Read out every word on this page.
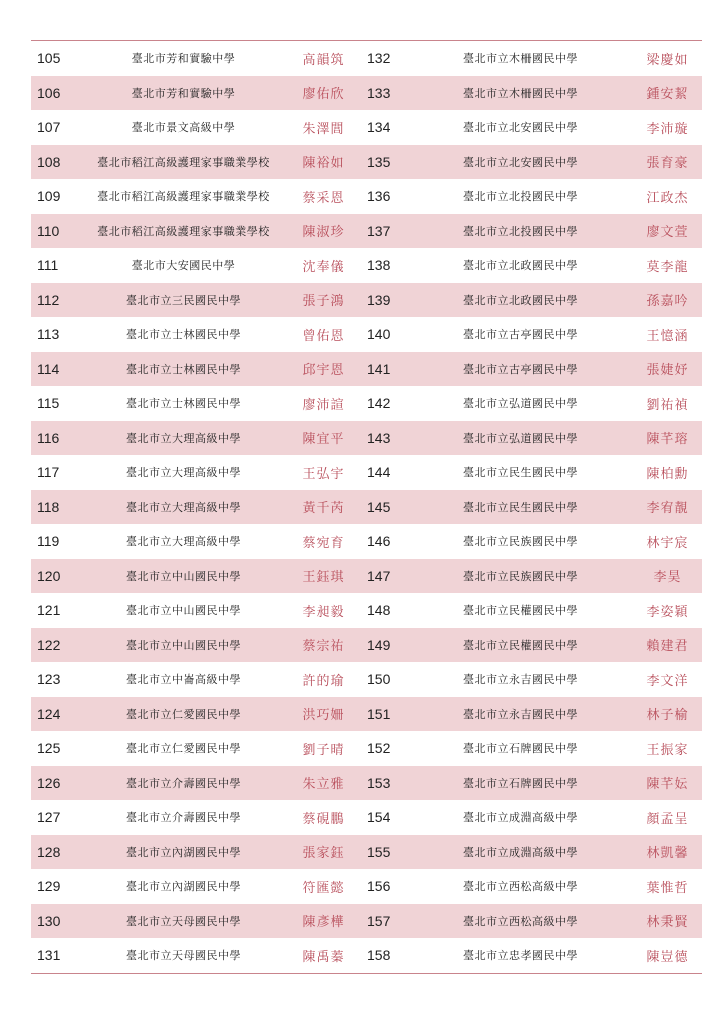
105	臺北市芳和實驗中學	高韻筑	132	臺北市立木柵國民中學	梁慶如
106	臺北市芳和實驗中學	廖佑欣	133	臺北市立木柵國民中學	鍾安絜
107	臺北市景文高級中學	朱澤閭	134	臺北市立北安國民中學	李沛璇
108	臺北市稻江高級護理家事職業學校	陳裕如	135	臺北市立北安國民中學	張育豪
109	臺北市稻江高級護理家事職業學校	蔡采恩	136	臺北市立北投國民中學	江政杰
110	臺北市稻江高級護理家事職業學校	陳淑珍	137	臺北市立北投國民中學	廖文萱
111	臺北市大安國民中學	沈奉儀	138	臺北市立北政國民中學	莫李龍
112	臺北市立三民國民中學	張子鴻	139	臺北市立北政國民中學	孫嘉吟
113	臺北市立士林國民中學	曾佑恩	140	臺北市立古亭國民中學	王憶涵
114	臺北市立士林國民中學	邱宇恩	141	臺北市立古亭國民中學	張婕妤
115	臺北市立士林國民中學	廖沛諠	142	臺北市立弘道國民中學	劉祐禎
116	臺北市立大理高級中學	陳宜平	143	臺北市立弘道國民中學	陳芊瑢
117	臺北市立大理高級中學	王弘宇	144	臺北市立民生國民中學	陳柏勳
118	臺北市立大理高級中學	黃千芮	145	臺北市立民生國民中學	李宥靚
119	臺北市立大理高級中學	蔡宛育	146	臺北市立民族國民中學	林宇宸
120	臺北市立中山國民中學	王鈺琪	147	臺北市立民族國民中學	李昊
121	臺北市立中山國民中學	李昶毅	148	臺北市立民權國民中學	李姿穎
122	臺北市立中山國民中學	蔡宗祐	149	臺北市立民權國民中學	賴建君
123	臺北市立中崙高級中學	許的瑜	150	臺北市立永吉國民中學	李文洋
124	臺北市立仁愛國民中學	洪巧姍	151	臺北市立永吉國民中學	林子榆
125	臺北市立仁愛國民中學	劉子晴	152	臺北市立石牌國民中學	王振家
126	臺北市立介壽國民中學	朱立雅	153	臺北市立石牌國民中學	陳芊妘
127	臺北市立介壽國民中學	蔡硯鵬	154	臺北市立成淵高級中學	顏孟呈
128	臺北市立內湖國民中學	張家鈺	155	臺北市立成淵高級中學	林凱馨
129	臺北市立內湖國民中學	符匯懿	156	臺北市立西松高級中學	葉惟哲
130	臺北市立天母國民中學	陳彥樺	157	臺北市立西松高級中學	林秉賢
131	臺北市立天母國民中學	陳禹蓁	158	臺北市立忠孝國民中學	陳豈德
